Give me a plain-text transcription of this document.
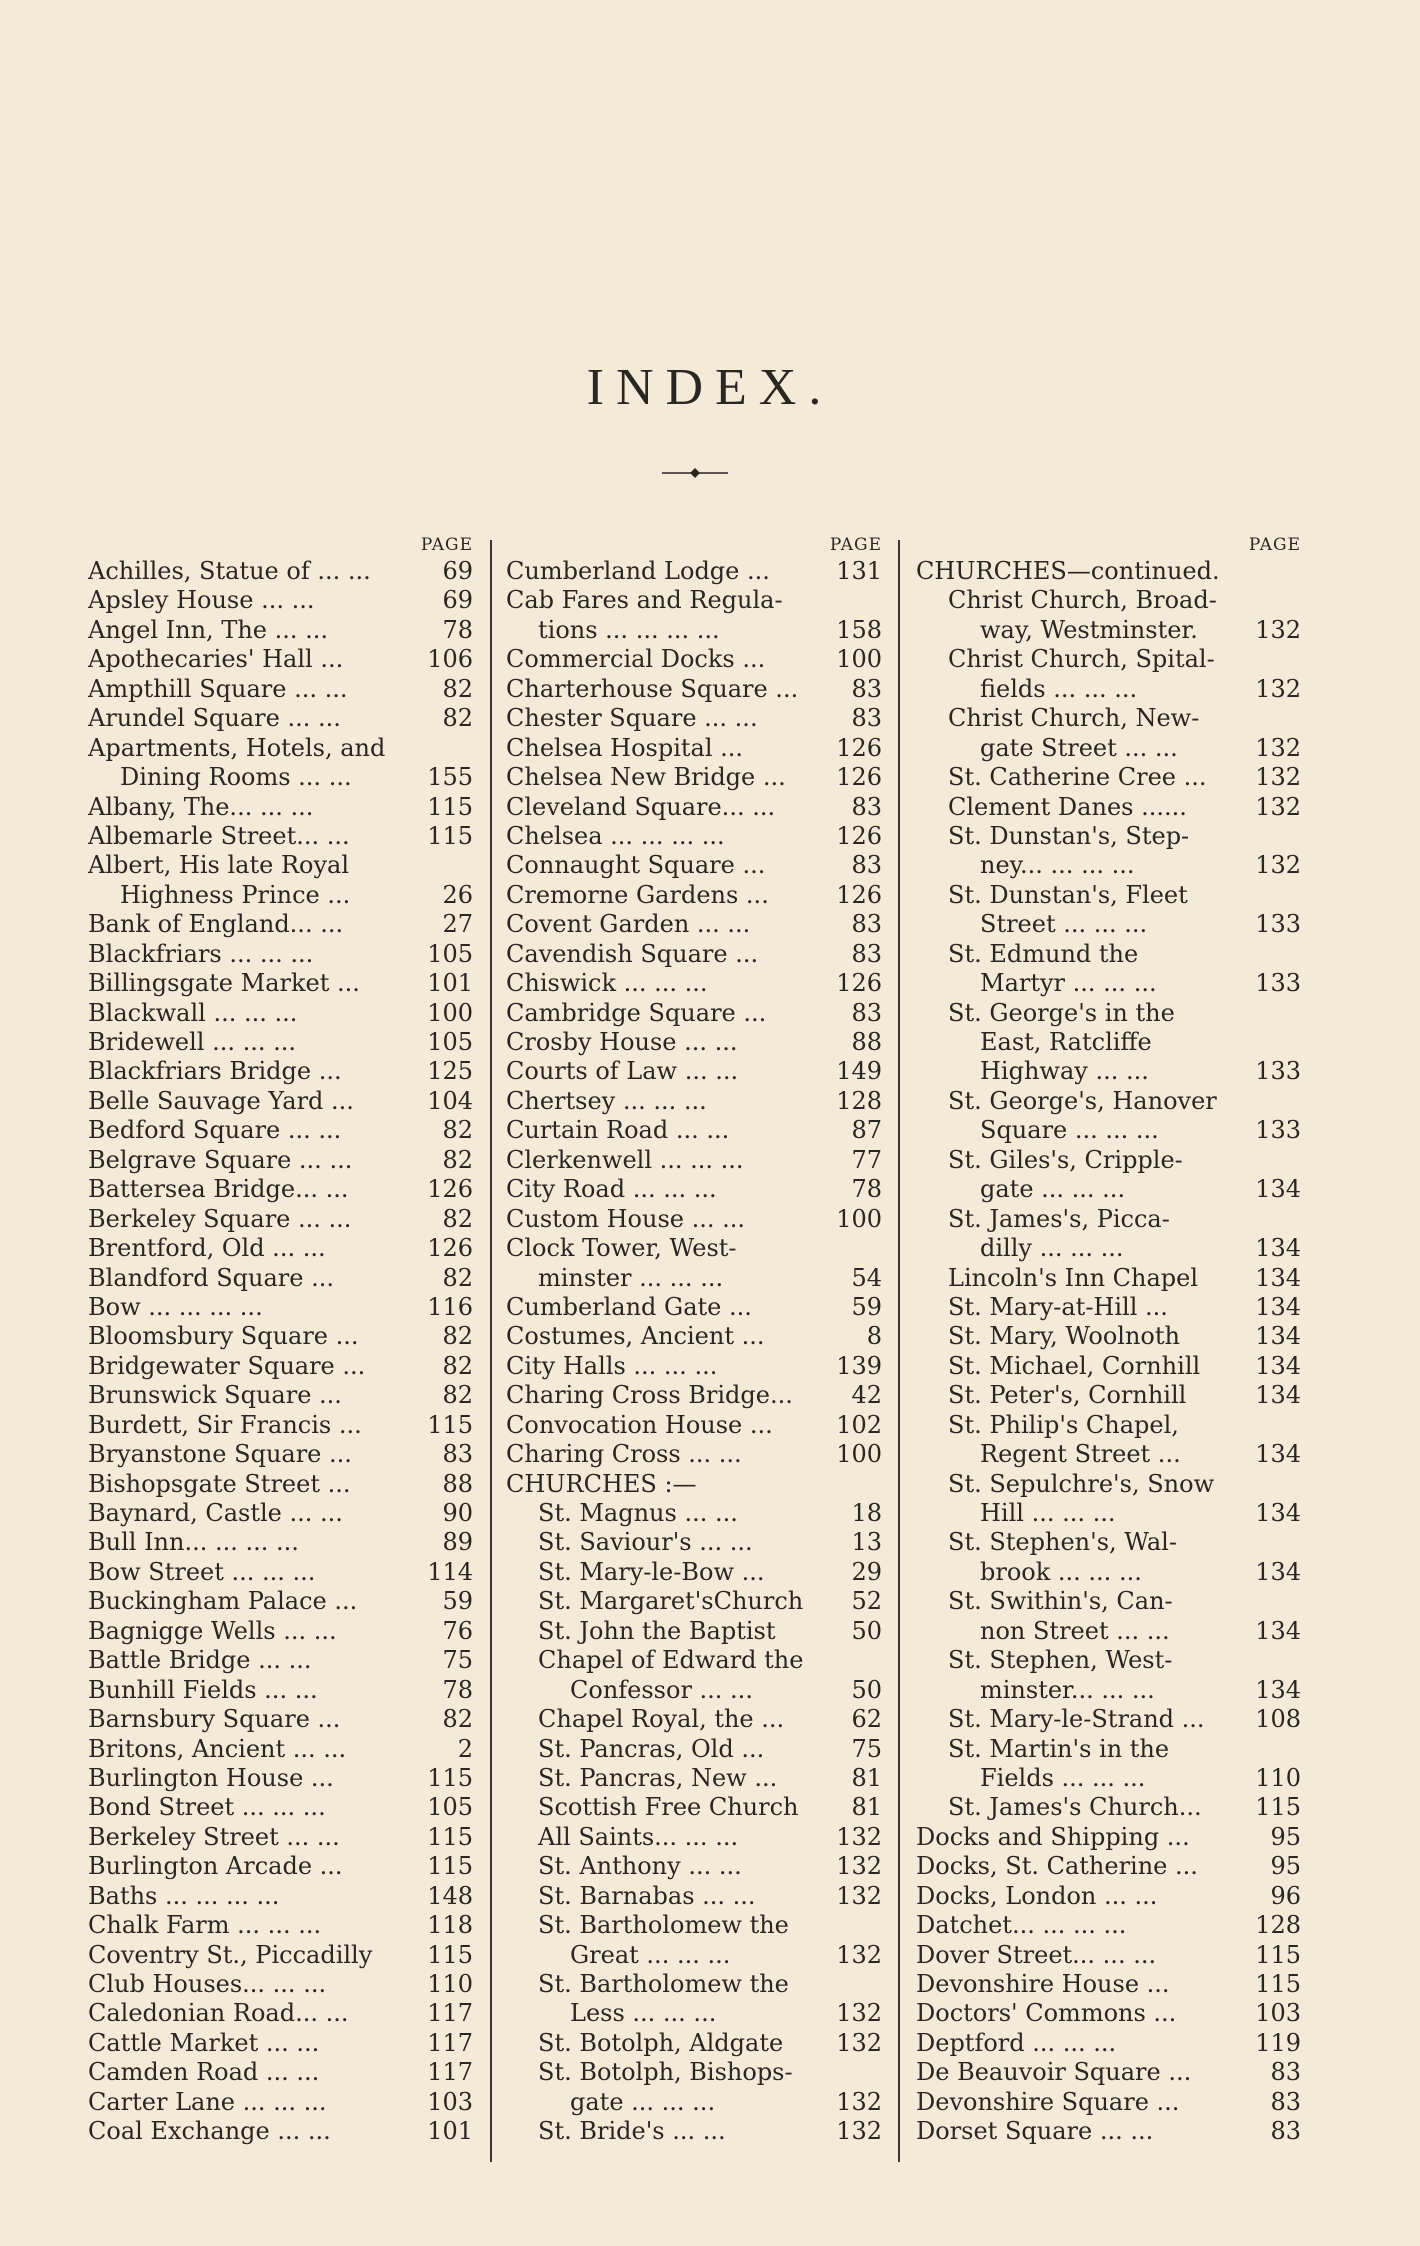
INDEX.
PAGE
69
Achilles, Statue of ... ...
69
Apsley House ... ...
78
Angel Inn, The ... ...
106
Apothecaries' Hall ...
82
Ampthill Square ... ...
82
Arundel Square ... ...
Apartments, Hotels, and
155
Dining Rooms ... ...
115
Albany, The... ... ...
115
Albemarle Street... ...
Albert, His late Royal
26
Highness Prince ...
27
Bank of England... ...
105
Blackfriars ... ... ...
101
Billingsgate Market ...
100
Blackwall ... ... ...
105
Bridewell ... ... ...
125
Blackfriars Bridge ...
104
Belle Sauvage Yard ...
82
Bedford Square ... ...
82
Belgrave Square ... ...
126
Battersea Bridge... ...
82
Berkeley Square ... ...
126
Brentford, Old ... ...
82
Blandford Square ...
116
Bow ... ... ... ...
82
Bloomsbury Square ...
82
Bridgewater Square ...
82
Brunswick Square ...
115
Burdett, Sir Francis ...
83
Bryanstone Square ...
88
Bishopsgate Street ...
90
Baynard, Castle ... ...
89
Bull Inn... ... ... ...
114
Bow Street ... ... ...
59
Buckingham Palace ...
76
Bagnigge Wells ... ...
75
Battle Bridge ... ...
78
Bunhill Fields ... ...
82
Barnsbury Square ...
2
Britons, Ancient ... ...
115
Burlington House ...
105
Bond Street ... ... ...
115
Berkeley Street ... ...
115
Burlington Arcade ...
148
Baths ... ... ... ...
118
Chalk Farm ... ... ...
115
Coventry St., Piccadilly
110
Club Houses... ... ...
117
Caledonian Road... ...
117
Cattle Market ... ...
117
Camden Road ... ...
103
Carter Lane ... ... ...
101
Coal Exchange ... ...
PAGE
131
Cumberland Lodge ...
Cab Fares and Regula-
158
tions ... ... ... ...
100
Commercial Docks ...
83
Charterhouse Square ...
83
Chester Square ... ...
126
Chelsea Hospital ...
126
Chelsea New Bridge ...
83
Cleveland Square... ...
126
Chelsea ... ... ... ...
83
Connaught Square ...
126
Cremorne Gardens ...
83
Covent Garden ... ...
83
Cavendish Square ...
126
Chiswick ... ... ...
83
Cambridge Square ...
88
Crosby House ... ...
149
Courts of Law ... ...
128
Chertsey ... ... ...
87
Curtain Road ... ...
77
Clerkenwell ... ... ...
78
City Road ... ... ...
100
Custom House ... ...
Clock Tower, West-
54
minster ... ... ...
59
Cumberland Gate ...
8
Costumes, Ancient ...
139
City Halls ... ... ...
42
Charing Cross Bridge...
102
Convocation House ...
100
Charing Cross ... ...
CHURCHES :—
18
St. Magnus ... ...
13
St. Saviour's ... ...
29
St. Mary-le-Bow ...
52
St. Margaret'sChurch
50
St. John the Baptist
Chapel of Edward the
50
Confessor ... ...
62
Chapel Royal, the ...
75
St. Pancras, Old ...
81
St. Pancras, New ...
81
Scottish Free Church
132
All Saints... ... ...
132
St. Anthony ... ...
132
St. Barnabas ... ...
St. Bartholomew the
132
Great ... ... ...
St. Bartholomew the
132
Less ... ... ...
132
St. Botolph, Aldgate
St. Botolph, Bishops-
132
gate ... ... ...
132
St. Bride's ... ...
PAGE
CHURCHES—continued.
Christ Church, Broad-
132
way, Westminster.
Christ Church, Spital-
132
fields ... ... ...
Christ Church, New-
132
gate Street ... ...
132
St. Catherine Cree ...
132
Clement Danes ......
St. Dunstan's, Step-
132
ney... ... ... ...
St. Dunstan's, Fleet
133
Street ... ... ...
St. Edmund the
133
Martyr ... ... ...
St. George's in the
East, Ratcliffe
133
Highway ... ...
St. George's, Hanover
133
Square ... ... ...
St. Giles's, Cripple-
134
gate ... ... ...
St. James's, Picca-
134
dilly ... ... ...
134
Lincoln's Inn Chapel
134
St. Mary-at-Hill ...
134
St. Mary, Woolnoth
134
St. Michael, Cornhill
134
St. Peter's, Cornhill
St. Philip's Chapel,
134
Regent Street ...
St. Sepulchre's, Snow
134
Hill ... ... ...
St. Stephen's, Wal-
134
brook ... ... ...
St. Swithin's, Can-
134
non Street ... ...
St. Stephen, West-
134
minster... ... ...
108
St. Mary-le-Strand ...
St. Martin's in the
110
Fields ... ... ...
115
St. James's Church...
95
Docks and Shipping ...
95
Docks, St. Catherine ...
96
Docks, London ... ...
128
Datchet... ... ... ...
115
Dover Street... ... ...
115
Devonshire House ...
103
Doctors' Commons ...
119
Deptford ... ... ...
83
De Beauvoir Square ...
83
Devonshire Square ...
83
Dorset Square ... ...
